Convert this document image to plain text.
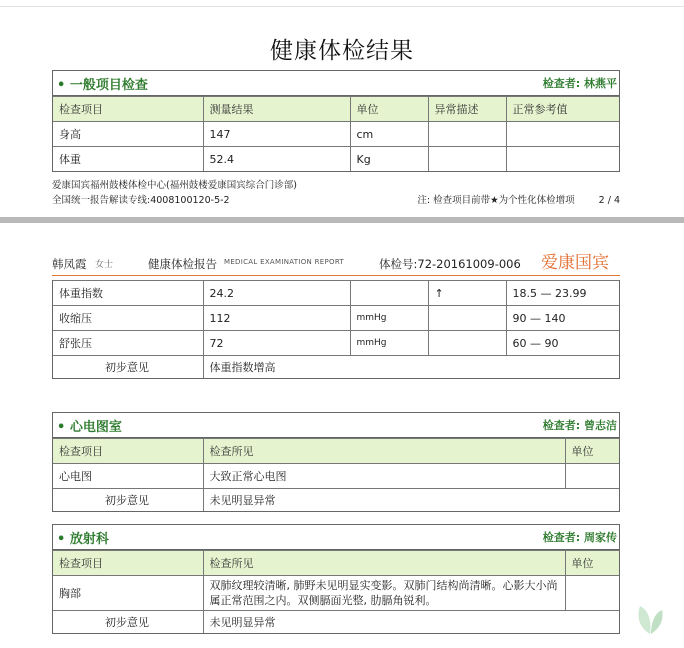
健康体检结果
• 一般项目检查	检查者: 林燕平
检查项目	测量结果	单位	异常描述	正常参考值
身高	147	cm		
体重	52.4	Kg		
爱康国宾福州鼓楼体检中心(福州鼓楼爱康国宾综合门诊部)
全国统一报告解读专线:4008100120-5-2	注: 检查项目前带★为个性化体检增项	2 / 4
韩凤霞 女士	健康体检报告 MEDICAL EXAMINATION REPORT	体检号:72-20161009-006 爱康国宾
体重指数	24.2		↑	18.5 — 23.99
收缩压	112	mmHg		90 — 140
舒张压	72	mmHg		60 — 90
初步意见	体重指数增高
• 心电图室	检查者: 曾志洁
检查项目	检查所见	单位
心电图	大致正常心电图	
初步意见	未见明显异常
• 放射科	检查者: 周家传
检查项目	检查所见	单位
胸部	双肺纹理较清晰, 肺野未见明显实变影。双肺门结构尚清晰。心影大小尚属正常范围之内。双侧膈面光整, 肋膈角锐利。	
初步意见	未见明显异常
